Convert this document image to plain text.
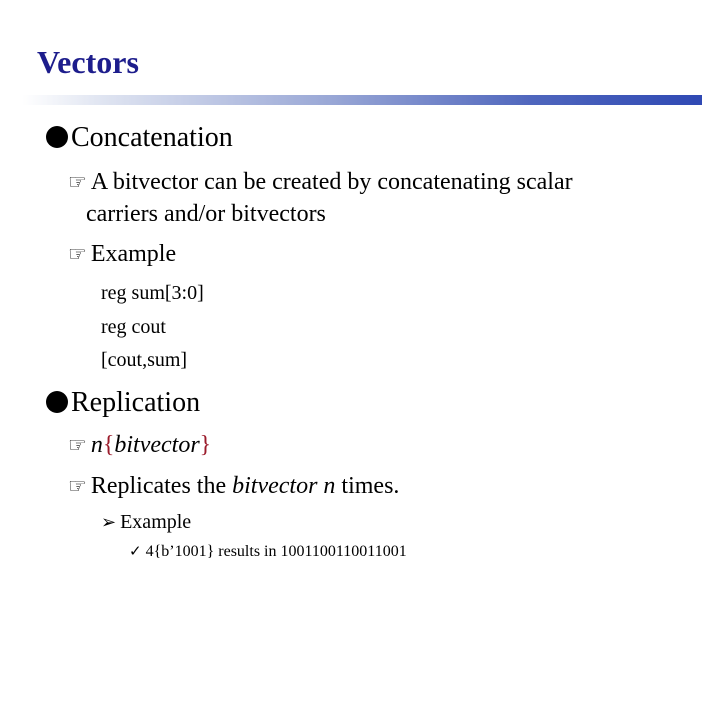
Vectors
Concatenation
☞ A bitvector can be created by concatenating scalar
carriers and/or bitvectors
☞ Example
reg sum[3:0]
reg cout
[cout,sum]
Replication
☞ n{bitvector}
☞ Replicates the bitvector n times.
➢ Example
✓ 4{b’1001} results in 1001100110011001
